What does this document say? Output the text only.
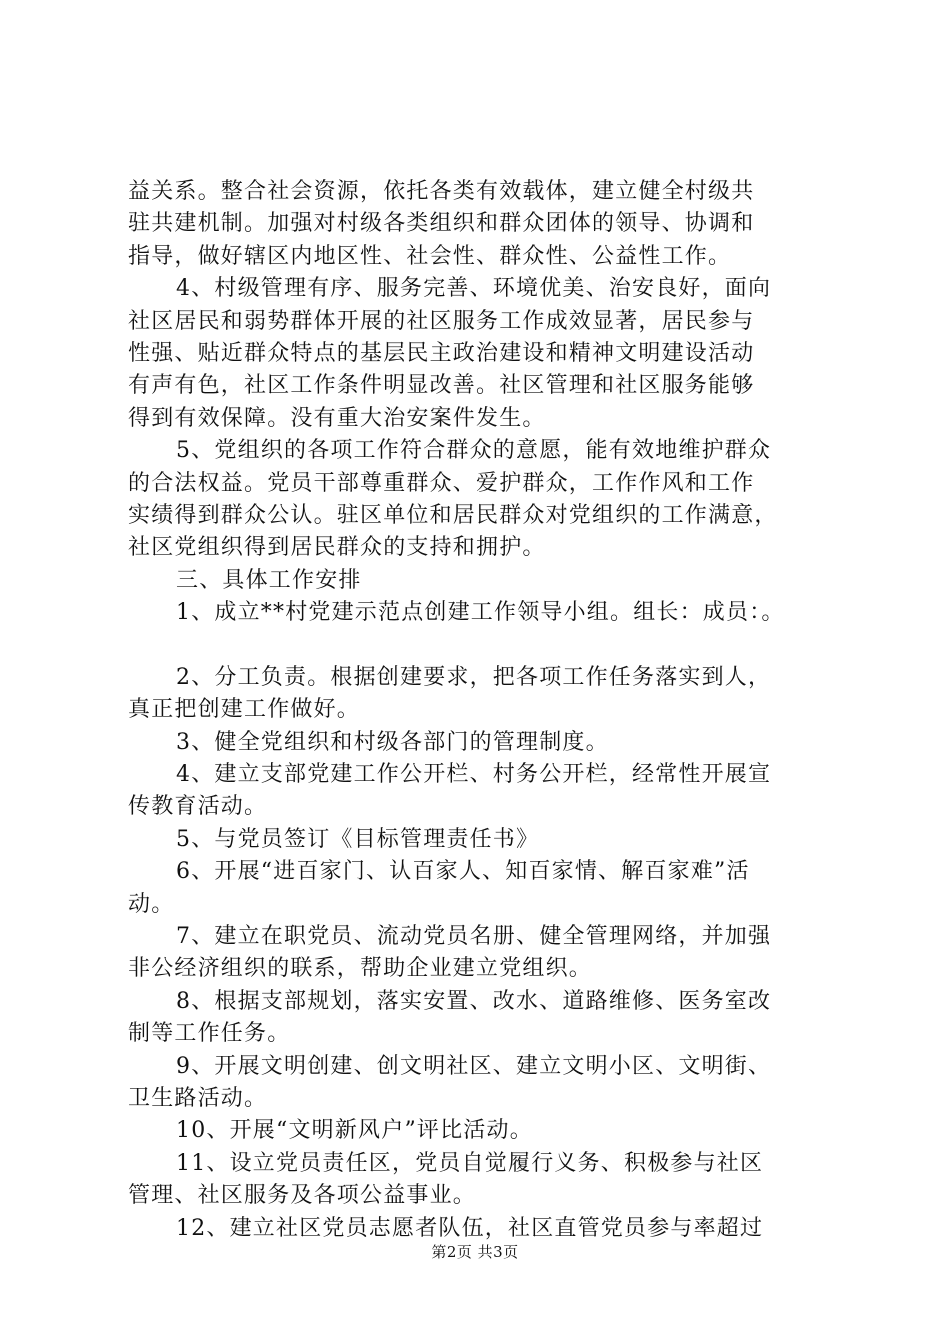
益关系。整合社会资源，依托各类有效载体，建立健全村级共
驻共建机制。加强对村级各类组织和群众团体的领导、协调和
指导，做好辖区内地区性、社会性、群众性、公益性工作。
4、村级管理有序、服务完善、环境优美、治安良好，面向
社区居民和弱势群体开展的社区服务工作成效显著，居民参与
性强、贴近群众特点的基层民主政治建设和精神文明建设活动
有声有色，社区工作条件明显改善。社区管理和社区服务能够
得到有效保障。没有重大治安案件发生。
5、党组织的各项工作符合群众的意愿，能有效地维护群众
的合法权益。党员干部尊重群众、爱护群众，工作作风和工作
实绩得到群众公认。驻区单位和居民群众对党组织的工作满意，
社区党组织得到居民群众的支持和拥护。
三、具体工作安排
1、成立**村党建示范点创建工作领导小组。组长：成员：。
2、分工负责。根据创建要求，把各项工作任务落实到人，
真正把创建工作做好。
3、健全党组织和村级各部门的管理制度。
4、建立支部党建工作公开栏、村务公开栏，经常性开展宣
传教育活动。
5、与党员签订《目标管理责任书》
6、开展“进百家门、认百家人、知百家情、解百家难”活
动。
7、建立在职党员、流动党员名册、健全管理网络，并加强
非公经济组织的联系，帮助企业建立党组织。
8、根据支部规划，落实安置、改水、道路维修、医务室改
制等工作任务。
9、开展文明创建、创文明社区、建立文明小区、文明街、
卫生路活动。
10、开展“文明新风户”评比活动。
11、设立党员责任区，党员自觉履行义务、积极参与社区
管理、社区服务及各项公益事业。
12、建立社区党员志愿者队伍，社区直管党员参与率超过
第2页 共3页
